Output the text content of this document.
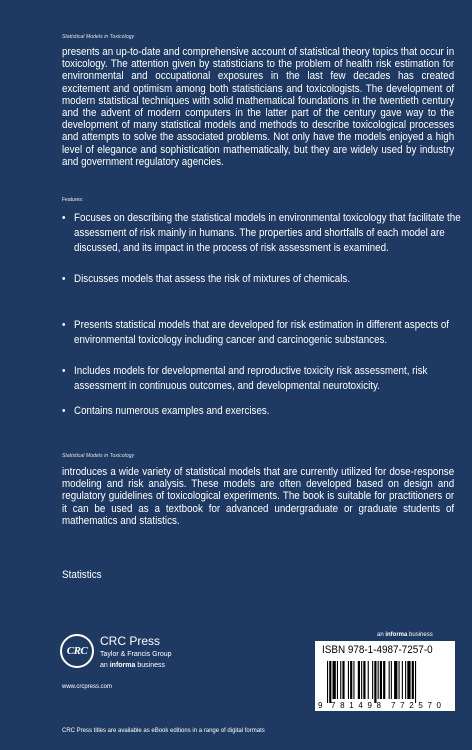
Statistical Models in Toxicology
presents an up-to-date and comprehensive account of statistical theory topics that occur in toxicology. The attention given by statisticians to the problem of health risk estimation for environmental and occupational exposures in the last few decades has created excitement and optimism among both statisticians and toxicologists. The development of modern statistical techniques with solid mathematical foundations in the twentieth century and the advent of modern computers in the latter part of the century gave way to the development of many statistical models and methods to describe toxicological processes and attempts to solve the associated problems. Not only have the models enjoyed a high level of elegance and sophistication mathematically, but they are widely used by industry and government regulatory agencies.
Features:
• Focuses on describing the statistical models in environmental toxicology that facilitate the assessment of risk mainly in humans. The properties and shortfalls of each model are discussed, and its impact in the process of risk assessment is examined.
• Discusses models that assess the risk of mixtures of chemicals.
• Presents statistical models that are developed for risk estimation in different aspects of environmental toxicology including cancer and carcinogenic substances.
• Includes models for developmental and reproductive toxicity risk assessment, risk assessment in continuous outcomes, and developmental neurotoxicity.
• Contains numerous examples and exercises.
Statistical Models in Toxicology
introduces a wide variety of statistical models that are currently utilized for dose-response modeling and risk analysis. These models are often developed based on design and regulatory guidelines of toxicological experiments. The book is suitable for practitioners or it can be used as a textbook for advanced undergraduate or graduate students of mathematics and statistics.
Statistics
an informa business
CRC
CRC Press
Taylor & Francis Group
an informa business
www.crcpress.com
ISBN 978-1-4987-7257-0
9 781498 772570
CRC Press titles are available as eBook editions in a range of digital formats
